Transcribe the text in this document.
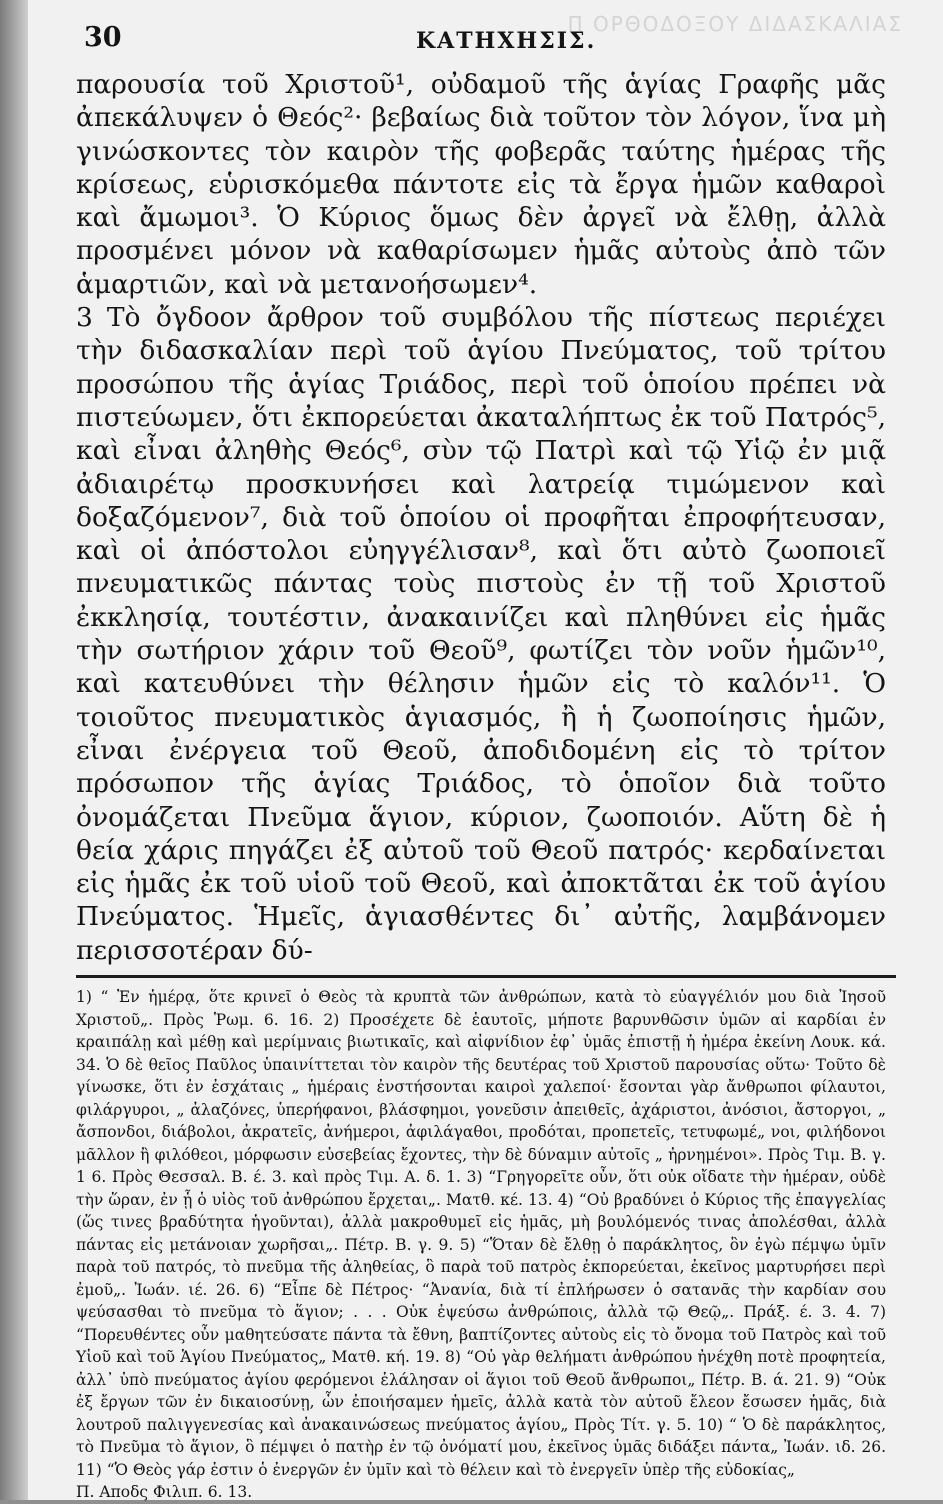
Π ΟΡΘΟΔΟΞΟΥ ΔΙΔΑΣΚΑΛΙΑΣ
30	ΚΑΤΗΧΗΣΙΣ.

παρουσία τοῦ Χριστοῦ¹, οὐδαμοῦ τῆς ἁγίας Γραφῆς μᾶς ἀπεκάλυψεν ὁ Θεός²· βεβαίως διὰ τοῦτον τὸν λόγον, ἵνα μὴ γινώσκοντες τὸν καιρὸν τῆς φοβερᾶς ταύτης ἡμέρας τῆς κρίσεως, εὑρισκόμεθα πάντοτε εἰς τὰ ἔργα ἡμῶν καθαροὶ καὶ ἄμωμοι³. Ὁ Κύριος ὅμως δὲν ἀργεῖ νὰ ἔλθῃ, ἀλλὰ προσμένει μόνον νὰ καθαρίσωμεν ἡμᾶς αὐτοὺς ἀπὸ τῶν ἁμαρτιῶν, καὶ νὰ μετανοήσωμεν⁴.

3 Τὸ ὄγδοον ἄρθρον τοῦ συμβόλου τῆς πίστεως περιέχει τὴν διδασκαλίαν περὶ τοῦ ἁγίου Πνεύματος, τοῦ τρίτου προσώπου τῆς ἁγίας Τριάδος, περὶ τοῦ ὁποίου πρέπει νὰ πιστεύωμεν, ὅτι ἐκπορεύεται ἀκαταλήπτως ἐκ τοῦ Πατρός⁵, καὶ εἶναι ἀληθὴς Θεός⁶, σὺν τῷ Πατρὶ καὶ τῷ Υἱῷ ἐν μιᾷ ἀδιαιρέτῳ προσκυνήσει καὶ λατρείᾳ τιμώμενον καὶ δοξαζόμενον⁷, διὰ τοῦ ὁποίου οἱ προφῆται ἐπροφήτευσαν, καὶ οἱ ἀπόστολοι εὐηγγέλισαν⁸, καὶ ὅτι αὐτὸ ζωοποιεῖ πνευματικῶς πάντας τοὺς πιστοὺς ἐν τῇ τοῦ Χριστοῦ ἐκκλησίᾳ, τουτέστιν, ἀνακαινίζει καὶ πληθύνει εἰς ἡμᾶς τὴν σωτήριον χάριν τοῦ Θεοῦ⁹, φωτίζει τὸν νοῦν ἡμῶν¹⁰, καὶ κατευθύνει τὴν θέλησιν ἡμῶν εἰς τὸ καλόν¹¹. Ὁ τοιοῦτος πνευματικὸς ἁγιασμός, ἢ ἡ ζωοποίησις ἡμῶν, εἶναι ἐνέργεια τοῦ Θεοῦ, ἀποδιδομένη εἰς τὸ τρίτον πρόσωπον τῆς ἁγίας Τριάδος, τὸ ὁποῖον διὰ τοῦτο ὀνομάζεται Πνεῦμα ἅγιον, κύριον, ζωοποιόν. Αὕτη δὲ ἡ θεία χάρις πηγάζει ἐξ αὐτοῦ τοῦ Θεοῦ πατρός· κερδαίνεται εἰς ἡμᾶς ἐκ τοῦ υἱοῦ τοῦ Θεοῦ, καὶ ἀποκτᾶται ἐκ τοῦ ἁγίου Πνεύματος. Ἡμεῖς, ἁγιασθέντες δι᾽ αὐτῆς, λαμβάνομεν περισσοτέραν δύ-

1) “ Ἐν ἡμέρᾳ, ὅτε κρινεῖ ὁ Θεὸς τὰ κρυπτὰ τῶν ἀνθρώπων, κατὰ τὸ εὐαγγέλιόν μου διὰ Ἰησοῦ Χριστοῦ„. Πρὸς Ῥωμ. 6. 16. 2) Προσέχετε δὲ ἑαυτοῖς, μήποτε βαρυνθῶσιν ὑμῶν αἱ καρδίαι ἐν κραιπάλῃ καὶ μέθῃ καὶ μερίμναις βιωτικαῖς, καὶ αἰφνίδιον ἐφ᾽ ὑμᾶς ἐπιστῇ ἡ ἡμέρα ἐκείνη Λουκ. κά. 34. Ὁ δὲ θεῖος Παῦλος ὑπαινίττεται τὸν καιρὸν τῆς δευτέρας τοῦ Χριστοῦ παρουσίας οὕτω· Τοῦτο δὲ γίνωσκε, ὅτι ἐν ἐσχάταις „ ἡμέραις ἐνστήσονται καιροὶ χαλεποί· ἔσονται γὰρ ἄνθρωποι φίλαυτοι, φιλάργυροι, „ ἀλαζόνες, ὑπερήφανοι, βλάσφημοι, γονεῦσιν ἀπειθεῖς, ἀχάριστοι, ἀνόσιοι, ἄστοργοι, „ ἄσπονδοι, διάβολοι, ἀκρατεῖς, ἀνήμεροι, ἀφιλάγαθοι, προδόται, προπετεῖς, τετυφωμέ„ νοι, φιλήδονοι μᾶλλον ἢ φιλόθεοι, μόρφωσιν εὐσεβείας ἔχοντες, τὴν δὲ δύναμιν αὐτοῖς „ ἠρνημένοι». Πρὸς Τιμ. Β. γ. 1 6. Πρὸς Θεσσαλ. Β. έ. 3. καὶ πρὸς Τιμ. Α. δ. 1. 3) “Γρηγορεῖτε οὖν, ὅτι οὐκ οἴδατε τὴν ἡμέραν, οὐδὲ τὴν ὥραν, ἐν ᾗ ὁ υἱὸς τοῦ ἀνθρώπου ἔρχεται„. Ματθ. κέ. 13. 4) “Οὐ βραδύνει ὁ Κύριος τῆς ἐπαγγελίας (ὥς τινες βραδύτητα ἡγοῦνται), ἀλλὰ μακροθυμεῖ εἰς ἡμᾶς, μὴ βουλόμενός τινας ἀπολέσθαι, ἀλλὰ πάντας εἰς μετάνοιαν χωρῆσαι„. Πέτρ. Β. γ. 9. 5) “Ὅταν δὲ ἔλθῃ ὁ παράκλητος, ὃν ἐγὼ πέμψω ὑμῖν παρὰ τοῦ πατρός, τὸ πνεῦμα τῆς ἀληθείας, ὃ παρὰ τοῦ πατρὸς ἐκπορεύεται, ἐκεῖνος μαρτυρήσει περὶ ἐμοῦ„. Ἰωάν. ιέ. 26. 6) “Εἶπε δὲ Πέτρος· “Ἀνανία, διὰ τί ἐπλήρωσεν ὁ σατανᾶς τὴν καρδίαν σου ψεύσασθαι τὸ πνεῦμα τὸ ἅγιον; . . . Οὐκ ἐψεύσω ἀνθρώποις, ἀλλὰ τῷ Θεῷ„. Πράξ. έ. 3. 4. 7) “Πορευθέντες οὖν μαθητεύσατε πάντα τὰ ἔθνη, βαπτίζοντες αὐτοὺς εἰς τὸ ὄνομα τοῦ Πατρὸς καὶ τοῦ Υἱοῦ καὶ τοῦ Ἁγίου Πνεύματος„ Ματθ. κή. 19. 8) “Οὐ γὰρ θελήματι ἀνθρώπου ἠνέχθη ποτὲ προφητεία, ἀλλ᾽ ὑπὸ πνεύματος ἁγίου φερόμενοι ἐλάλησαν οἱ ἅγιοι τοῦ Θεοῦ ἄνθρωποι„ Πέτρ. Β. ά. 21. 9) “Οὐκ ἐξ ἔργων τῶν ἐν δικαιοσύνῃ, ὧν ἐποιήσαμεν ἡμεῖς, ἀλλὰ κατὰ τὸν αὐτοῦ ἔλεον ἔσωσεν ἡμᾶς, διὰ λουτροῦ παλιγγενεσίας καὶ ἀνακαινώσεως πνεύματος ἁγίου„ Πρὸς Τίτ. γ. 5. 10) “ Ὁ δὲ παράκλητος, τὸ Πνεῦμα τὸ ἅγιον, ὃ πέμψει ὁ πατὴρ ἐν τῷ ὀνόματί μου, ἐκεῖνος ὑμᾶς διδάξει πάντα„ Ἰωάν. ιδ. 26. 11) “Ὁ Θεὸς γάρ ἐστιν ὁ ἐνεργῶν ἐν ὑμῖν καὶ τὸ θέλειν καὶ τὸ ἐνεργεῖν ὑπὲρ τῆς εὐδοκίας„

Π. Αποδς Φιλιπ. 6. 13.
